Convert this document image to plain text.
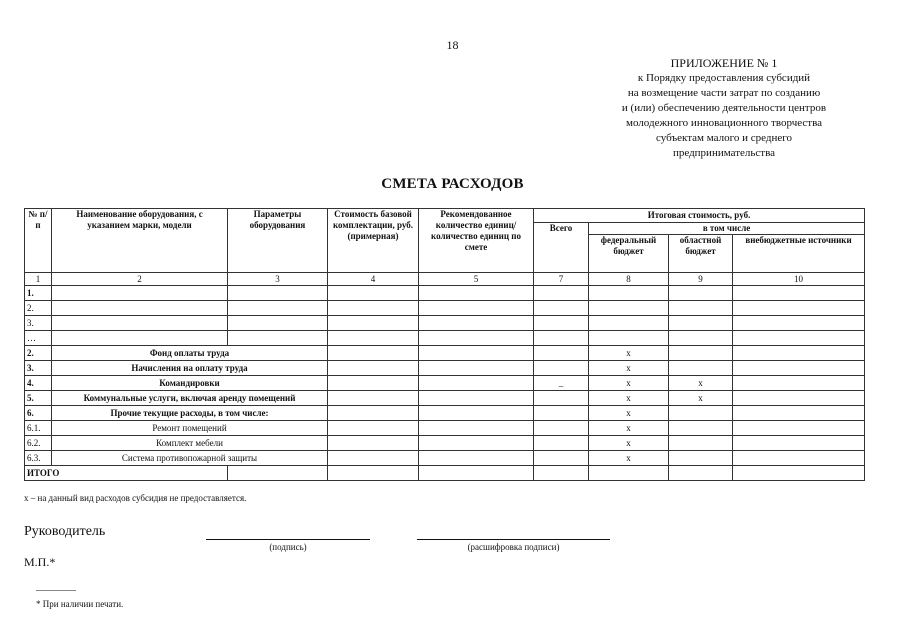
18
ПРИЛОЖЕНИЕ № 1
к Порядку предоставления субсидий
на возмещение части затрат по созданию
и (или) обеспечению деятельности центров
молодежного инновационного творчества
субъектам малого и среднего
предпринимательства
СМЕТА РАСХОДОВ
№ п/п	Наименование оборудования, с указанием марки, модели	Параметры оборудования	Стоимость базовой комплектации, руб. (примерная)	Рекомендованное количество единиц/количество единиц по смете	Итоговая стоимость, руб.			
					Всего	в том числе		
						федеральный бюджет	областной бюджет	внебюджетные источники
1	2	3	4	5	7	8	9	10
1.								
2.								
3.								
…								
2.	Фонд оплаты труда					x		
3.	Начисления на оплату труда					x		
4.	Командировки				_	x	x	
5.	Коммунальные услуги, включая аренду помещений					x	x	
6.	Прочие текущие расходы, в том числе:					x		
6.1.	Ремонт помещений					x		
6.2.	Комплект мебели					x		
6.3.	Система противопожарной защиты					x		
ИТОГО								
x – на данный вид расходов субсидия не предоставляется.
Руководитель
(подпись)	(расшифровка подписи)
М.П.*
* При наличии печати.
